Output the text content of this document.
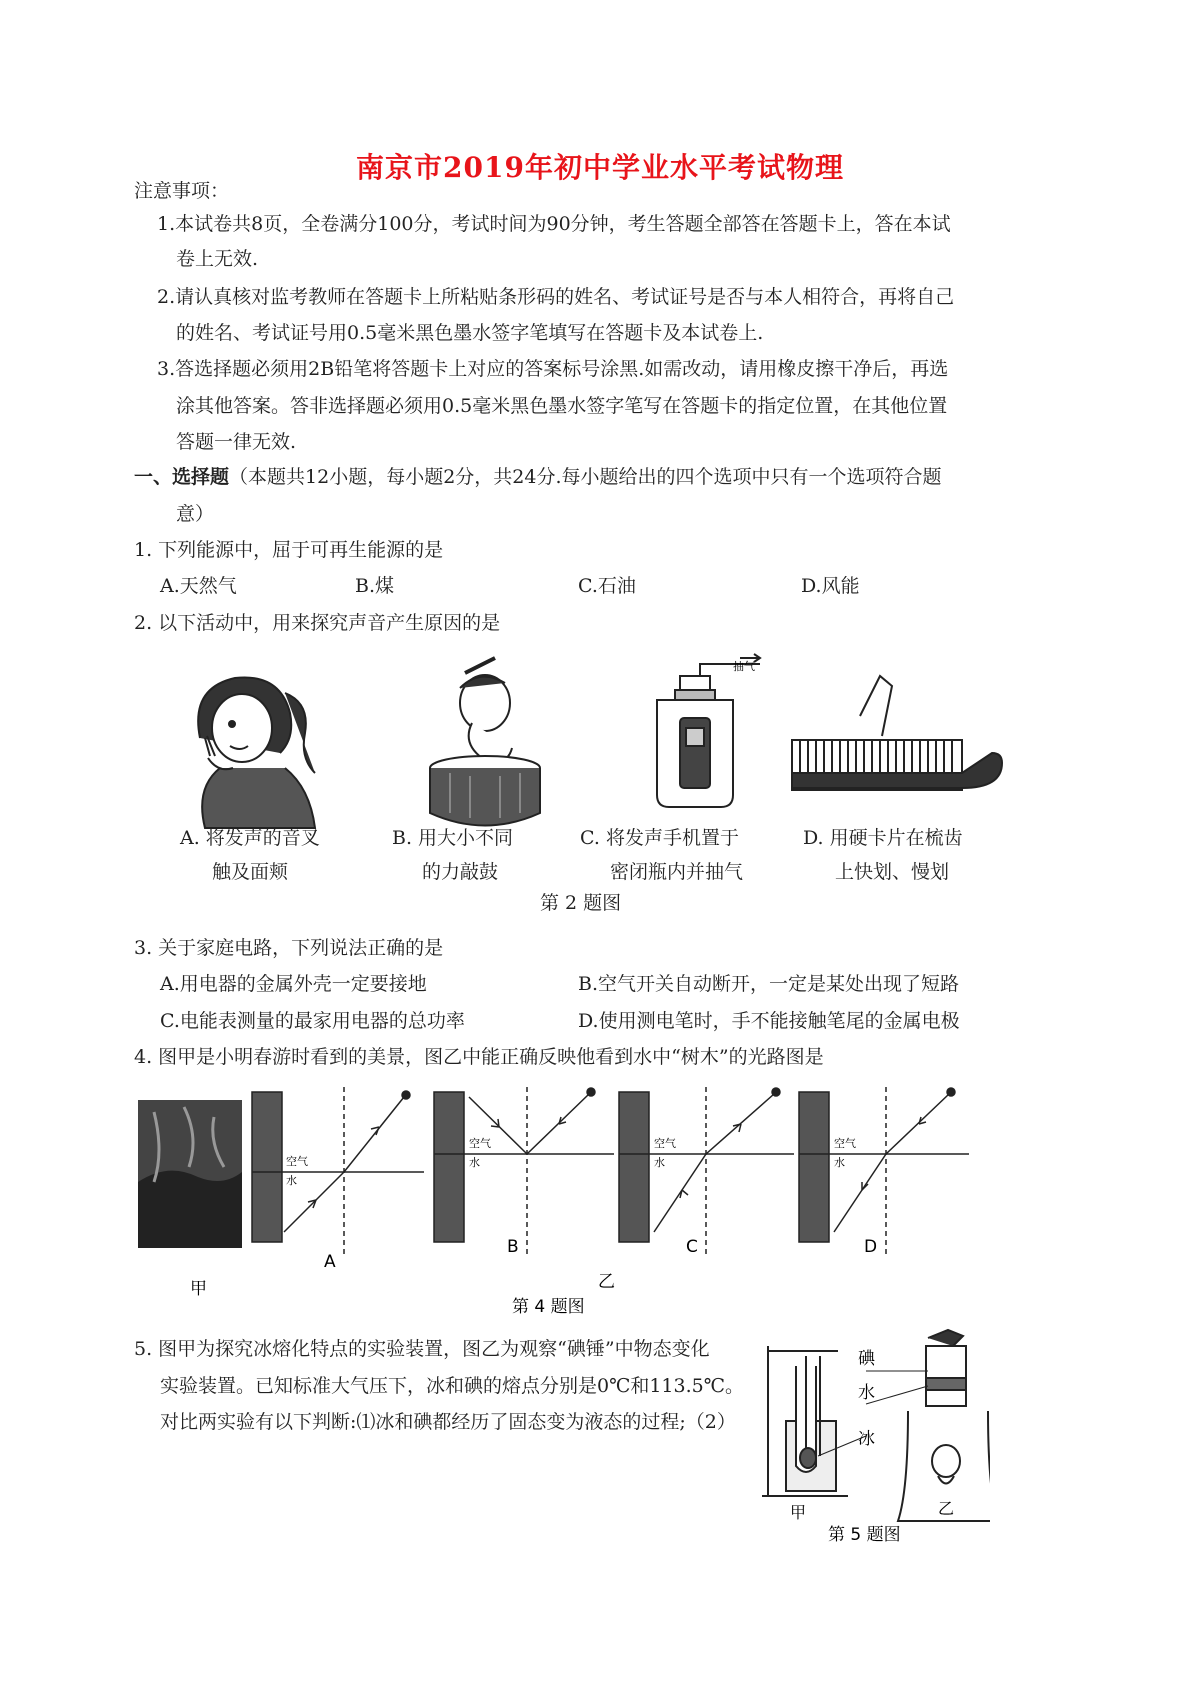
南京市2019年初中学业水平考试物理
注意事项：
1.本试卷共8页，全卷满分100分，考试时间为90分钟，考生答题全部答在答题卡上，答在本试
卷上无效.
2.请认真核对监考教师在答题卡上所粘贴条形码的姓名、考试证号是否与本人相符合，再将自己
的姓名、考试证号用0.5毫米黑色墨水签字笔填写在答题卡及本试卷上.
3.答选择题必须用2B铅笔将答题卡上对应的答案标号涂黑.如需改动，请用橡皮擦干净后，再选
涂其他答案。答非选择题必须用0.5毫米黑色墨水签字笔写在答题卡的指定位置，在其他位置
答题一律无效.
一、选择题（本题共12小题，每小题2分，共24分.每小题给出的四个选项中只有一个选项符合题
意）
1. 下列能源中，屈于可再生能源的是
A.天然气	B.煤	C.石油	D.风能
2. 以下活动中，用来探究声音产生原因的是
抽气
A. 将发声的音叉
触及面颊
B. 用大小不同
的力敲鼓
C. 将发声手机置于
密闭瓶内并抽气
D. 用硬卡片在梳齿
上快划、慢划
第 2 题图
3. 关于家庭电路，下列说法正确的是
A.用电器的金属外壳一定要接地	B.空气开关自动断开，一定是某处出现了短路
C.电能表测量的最家用电器的总功率	D.使用测电笔时，手不能接触笔尾的金属电极
4. 图甲是小明春游时看到的美景，图乙中能正确反映他看到水中“树木”的光路图是
空气
水
空气
水
空气
水
空气
水
A
B	C	D
甲	乙
第 4 题图
5. 图甲为探究冰熔化特点的实验装置，图乙为观察“碘锤”中物态变化
实验装置。已知标准大气压下，冰和碘的熔点分别是0℃和113.5℃。
对比两实验有以下判断:⑴冰和碘都经历了固态变为液态的过程;（2）
碘
水
冰
甲	乙
第 5 题图
